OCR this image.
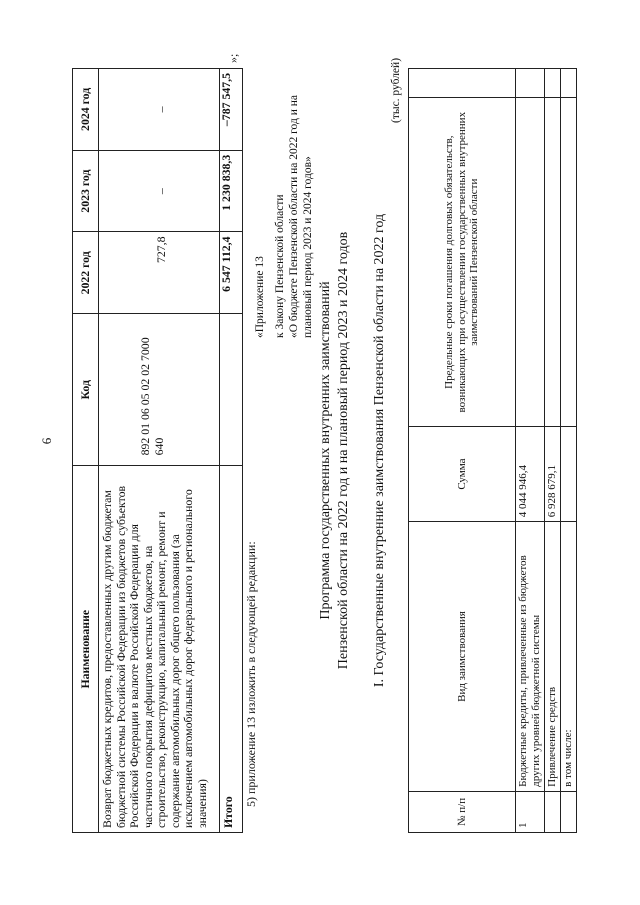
6
Наименование	Код	2022 год	2023 год	2024 год
Возврат бюджетных кредитов, предоставленных другим бюджетам бюджетной системы Российской Федерации из бюджетов субъектов Российской Федерации в валюте Российской Федерации для частичного покрытия дефицитов местных бюджетов, на строительство, реконструкцию, капитальный ремонт, ремонт и содержание автомобильных дорог общего пользования (за исключением автомобильных дорог федерального и регионального значения)	892 01 06 05 02 02 7000 640	727,8	–	–
Итого		6 547 112,4	1 230 838,3	–787 547,5
»;
5) приложение 13 изложить в следующей редакции:
«Приложение 13 к Закону Пензенской области «О бюджете Пензенской области на 2022 год и на плановый период 2023 и 2024 годов»
Программа государственных внутренних заимствований Пензенской области на 2022 год и на плановый период 2023 и 2024 годов I. Государственные внутренние заимствования Пензенской области на 2022 год
(тыс. рублей)
№ п/п	Вид заимствования	Сумма	Предельные сроки погашения долговых обязательств, возникающих при осуществлении государственных внутренних заимствований Пензенской области	
1	Бюджетные кредиты, привлеченные из бюджетов других уровней бюджетной системы	4 044 946,4		
	Привлечение средств	6 928 679,1		
	в том числе:			
